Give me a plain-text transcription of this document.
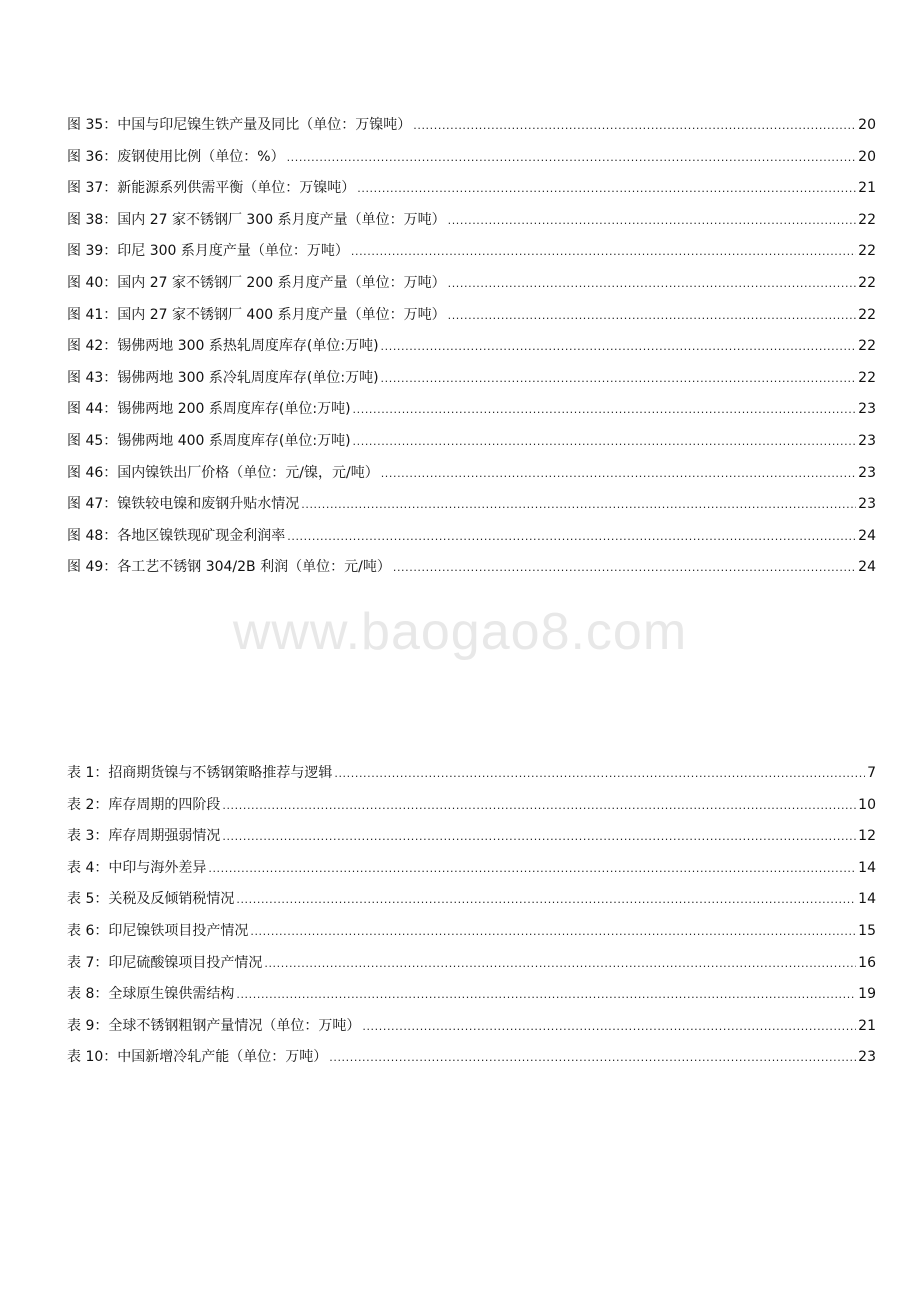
图 35：中国与印尼镍生铁产量及同比（单位：万镍吨） .....	20
图 36：废钢使用比例（单位：%） .....	20
图 37：新能源系列供需平衡（单位：万镍吨） .....	21
图 38：国内 27 家不锈钢厂 300 系月度产量（单位：万吨） .....	22
图 39：印尼 300 系月度产量（单位：万吨） .....	22
图 40：国内 27 家不锈钢厂 200 系月度产量（单位：万吨） .....	22
图 41：国内 27 家不锈钢厂 400 系月度产量（单位：万吨） .....	22
图 42：锡佛两地 300 系热轧周度库存(单位:万吨) .....	22
图 43：锡佛两地 300 系冷轧周度库存(单位:万吨) .....	22
图 44：锡佛两地 200 系周度库存(单位:万吨) .....	23
图 45：锡佛两地 400 系周度库存(单位:万吨) .....	23
图 46：国内镍铁出厂价格（单位：元/镍，元/吨） .....	23
图 47：镍铁较电镍和废钢升贴水情况 .....	23
图 48：各地区镍铁现矿现金利润率 .....	24
图 49：各工艺不锈钢 304/2B 利润（单位：元/吨） .....	24
www.baogao8.com
表 1：招商期货镍与不锈钢策略推荐与逻辑 .....	7
表 2：库存周期的四阶段 .....	10
表 3：库存周期强弱情况 .....	12
表 4：中印与海外差异 .....	14
表 5：关税及反倾销税情况 .....	14
表 6：印尼镍铁项目投产情况 .....	15
表 7：印尼硫酸镍项目投产情况 .....	16
表 8：全球原生镍供需结构 .....	19
表 9：全球不锈钢粗钢产量情况（单位：万吨） .....	21
表 10：中国新增冷轧产能（单位：万吨） .....	23
